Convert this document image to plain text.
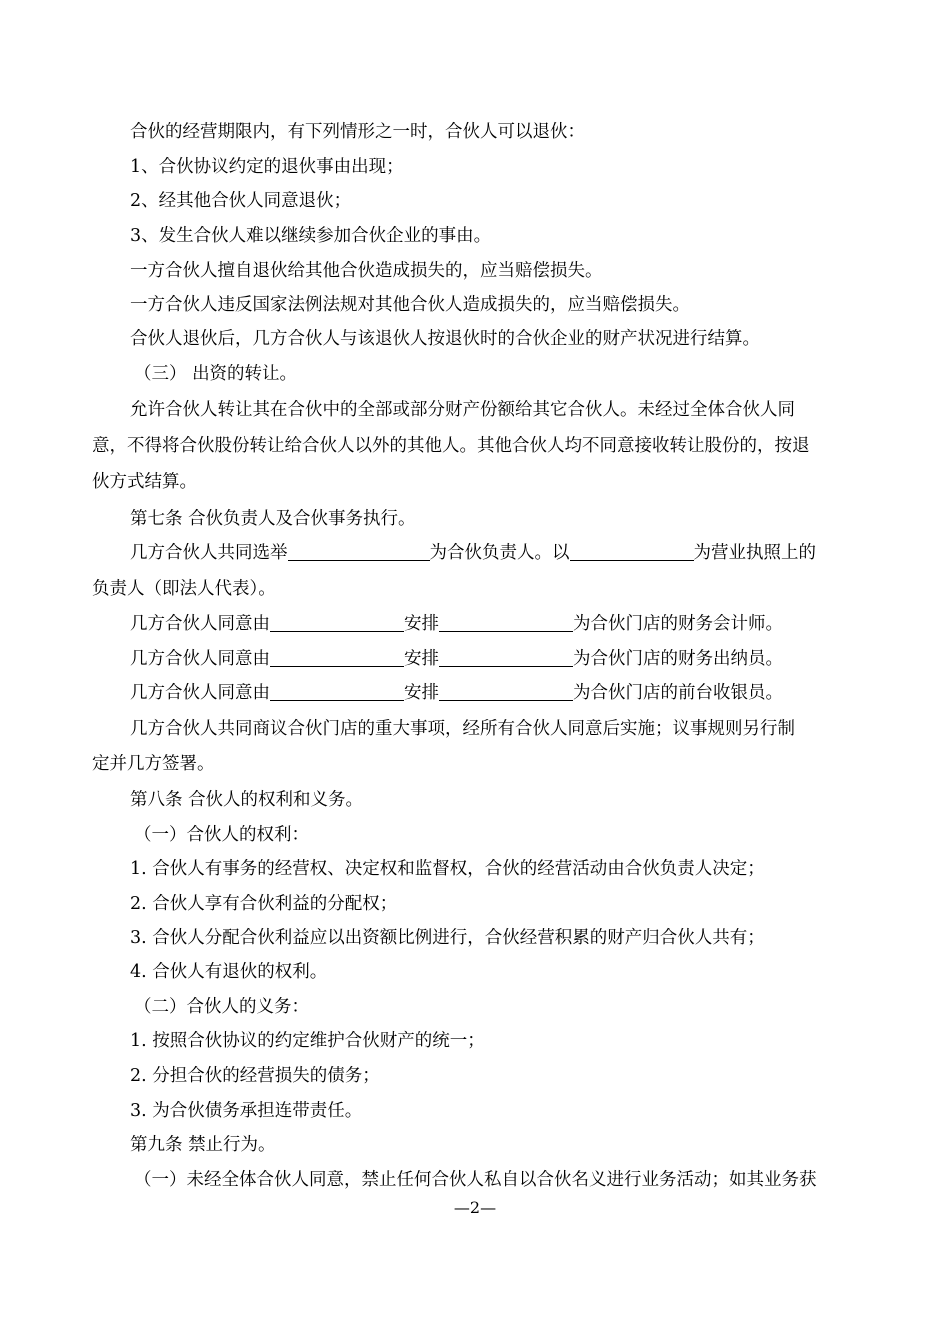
合伙的经营期限内，有下列情形之一时，合伙人可以退伙：
1、合伙协议约定的退伙事由出现；
2、经其他合伙人同意退伙；
3、发生合伙人难以继续参加合伙企业的事由。
一方合伙人擅自退伙给其他合伙造成损失的，应当赔偿损失。
一方合伙人违反国家法例法规对其他合伙人造成损失的，应当赔偿损失。
合伙人退伙后，几方合伙人与该退伙人按退伙时的合伙企业的财产状况进行结算。
（三） 出资的转让。
允许合伙人转让其在合伙中的全部或部分财产份额给其它合伙人。未经过全体合伙人同
意，不得将合伙股份转让给合伙人以外的其他人。其他合伙人均不同意接收转让股份的，按退
伙方式结算。
第七条 合伙负责人及合伙事务执行。
几方合伙人共同选举	为合伙负责人。以	为营业执照上的
负责人（即法人代表）。
几方合伙人同意由	安排	为合伙门店的财务会计师。
几方合伙人同意由	安排	为合伙门店的财务出纳员。
几方合伙人同意由	安排	为合伙门店的前台收银员。
几方合伙人共同商议合伙门店的重大事项，经所有合伙人同意后实施；议事规则另行制
定并几方签署。
第八条 合伙人的权利和义务。
（一）合伙人的权利：
1. 合伙人有事务的经营权、决定权和监督权，合伙的经营活动由合伙负责人决定；
2. 合伙人享有合伙利益的分配权；
3. 合伙人分配合伙利益应以出资额比例进行，合伙经营积累的财产归合伙人共有；
4. 合伙人有退伙的权利。
（二）合伙人的义务：
1. 按照合伙协议的约定维护合伙财产的统一；
2. 分担合伙的经营损失的债务；
3. 为合伙债务承担连带责任。
第九条 禁止行为。
（一）未经全体合伙人同意，禁止任何合伙人私自以合伙名义进行业务活动；如其业务获
—2—
